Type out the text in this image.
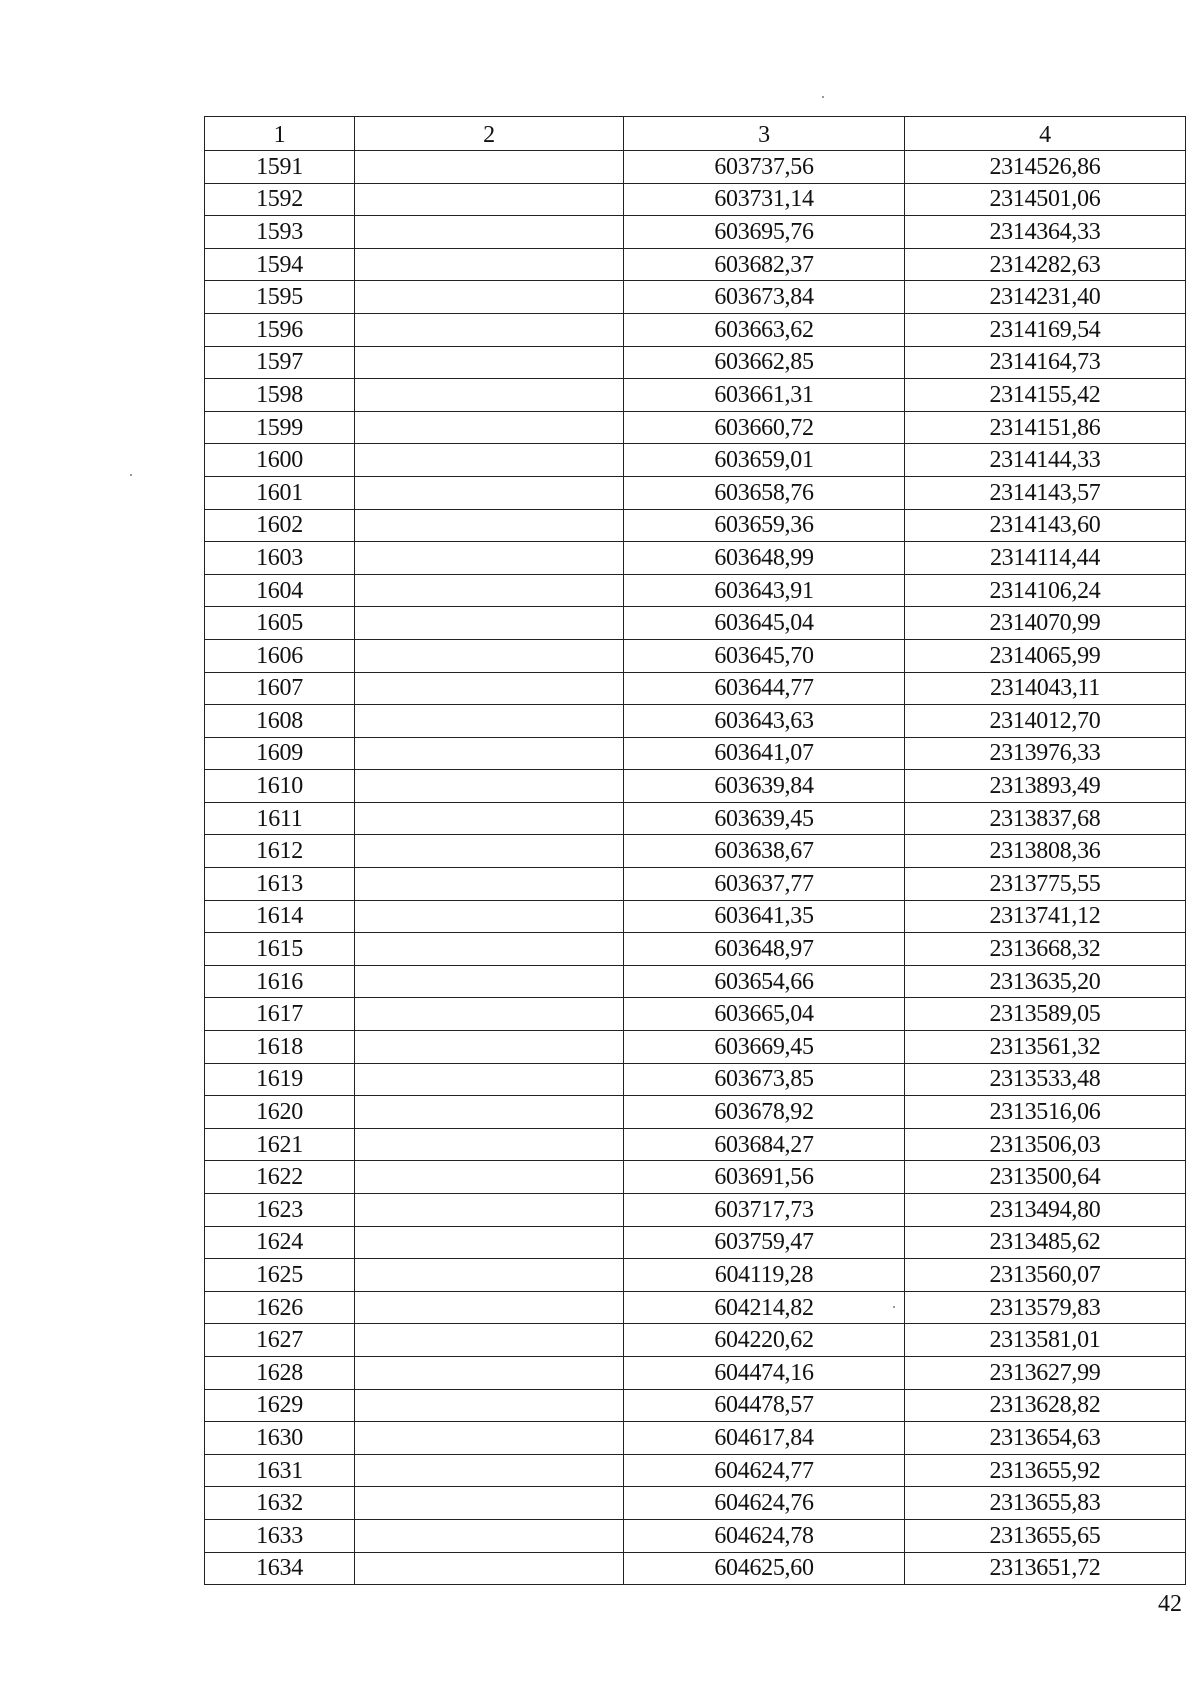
1	2	3	4
1591		603737,56	2314526,86
1592		603731,14	2314501,06
1593		603695,76	2314364,33
1594		603682,37	2314282,63
1595		603673,84	2314231,40
1596		603663,62	2314169,54
1597		603662,85	2314164,73
1598		603661,31	2314155,42
1599		603660,72	2314151,86
1600		603659,01	2314144,33
1601		603658,76	2314143,57
1602		603659,36	2314143,60
1603		603648,99	2314114,44
1604		603643,91	2314106,24
1605		603645,04	2314070,99
1606		603645,70	2314065,99
1607		603644,77	2314043,11
1608		603643,63	2314012,70
1609		603641,07	2313976,33
1610		603639,84	2313893,49
1611		603639,45	2313837,68
1612		603638,67	2313808,36
1613		603637,77	2313775,55
1614		603641,35	2313741,12
1615		603648,97	2313668,32
1616		603654,66	2313635,20
1617		603665,04	2313589,05
1618		603669,45	2313561,32
1619		603673,85	2313533,48
1620		603678,92	2313516,06
1621		603684,27	2313506,03
1622		603691,56	2313500,64
1623		603717,73	2313494,80
1624		603759,47	2313485,62
1625		604119,28	2313560,07
1626		604214,82	2313579,83
1627		604220,62	2313581,01
1628		604474,16	2313627,99
1629		604478,57	2313628,82
1630		604617,84	2313654,63
1631		604624,77	2313655,92
1632		604624,76	2313655,83
1633		604624,78	2313655,65
1634		604625,60	2313651,72
42
